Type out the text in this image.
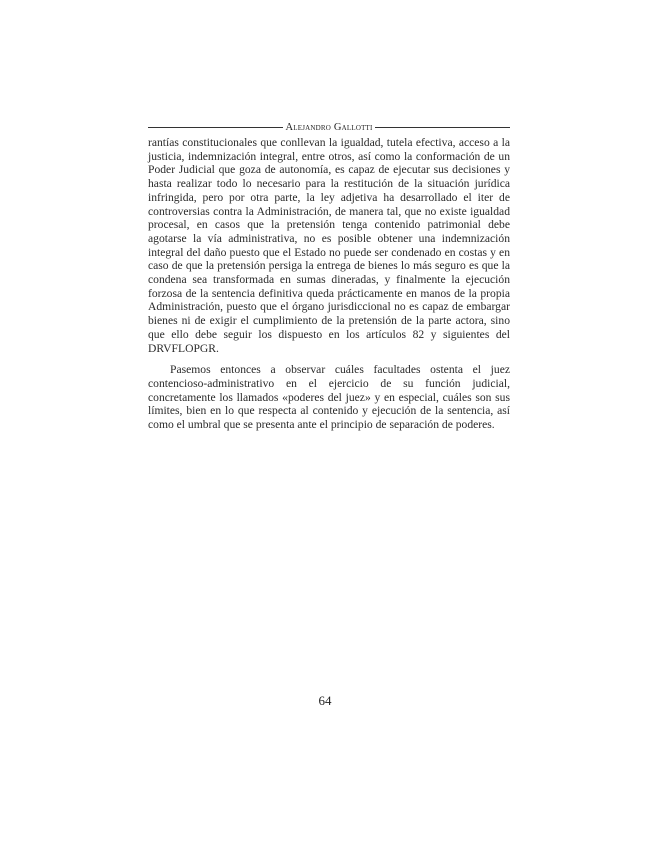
Alejandro Gallotti

rantías constitucionales que conllevan la igualdad, tutela efectiva, acceso a la justicia, indemnización integral, entre otros, así como la conformación de un Poder Judicial que goza de autonomía, es capaz de ejecutar sus decisiones y hasta realizar todo lo necesario para la restitución de la situación jurídica infringida, pero por otra parte, la ley adjetiva ha desarrollado el iter de controversias contra la Administración, de manera tal, que no existe igualdad procesal, en casos que la pretensión tenga contenido patrimonial debe agotarse la vía administrativa, no es posible obtener una indemnización integral del daño puesto que el Estado no puede ser condenado en costas y en caso de que la pretensión persiga la entrega de bienes lo más seguro es que la condena sea transformada en sumas dineradas, y finalmente la ejecución forzosa de la sentencia definitiva queda prácticamente en manos de la propia Administración, puesto que el órgano jurisdiccional no es capaz de embargar bienes ni de exigir el cumplimiento de la pretensión de la parte actora, sino que ello debe seguir los dispuesto en los artículos 82 y siguientes del DRVFLOPGR.

Pasemos entonces a observar cuáles facultades ostenta el juez contencioso-administrativo en el ejercicio de su función judicial, concretamente los llamados «poderes del juez» y en especial, cuáles son sus límites, bien en lo que respecta al contenido y ejecución de la sentencia, así como el umbral que se presenta ante el principio de separación de poderes.

64
